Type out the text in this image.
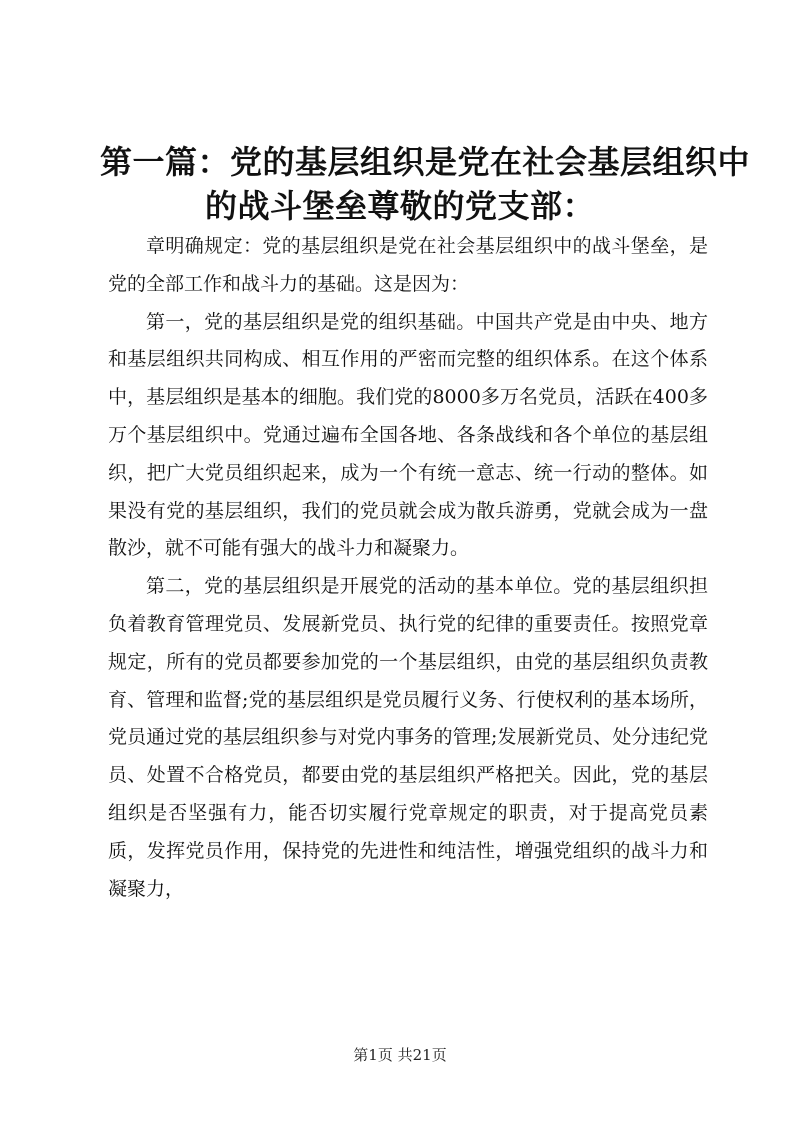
第一篇：党的基层组织是党在社会基层组织中
的战斗堡垒尊敬的党支部：

章明确规定：党的基层组织是党在社会基层组织中的战斗堡垒，是党的全部工作和战斗力的基础。这是因为：

第一，党的基层组织是党的组织基础。中国共产党是由中央、地方和基层组织共同构成、相互作用的严密而完整的组织体系。在这个体系中，基层组织是基本的细胞。我们党的8000多万名党员，活跃在400多万个基层组织中。党通过遍布全国各地、各条战线和各个单位的基层组织，把广大党员组织起来，成为一个有统一意志、统一行动的整体。如果没有党的基层组织，我们的党员就会成为散兵游勇，党就会成为一盘散沙，就不可能有强大的战斗力和凝聚力。

第二，党的基层组织是开展党的活动的基本单位。党的基层组织担负着教育管理党员、发展新党员、执行党的纪律的重要责任。按照党章规定，所有的党员都要参加党的一个基层组织，由党的基层组织负责教育、管理和监督;党的基层组织是党员履行义务、行使权利的基本场所，党员通过党的基层组织参与对党内事务的管理;发展新党员、处分违纪党员、处置不合格党员，都要由党的基层组织严格把关。因此，党的基层组织是否坚强有力，能否切实履行党章规定的职责，对于提高党员素质，发挥党员作用，保持党的先进性和纯洁性，增强党组织的战斗力和凝聚力，

第1页 共21页
